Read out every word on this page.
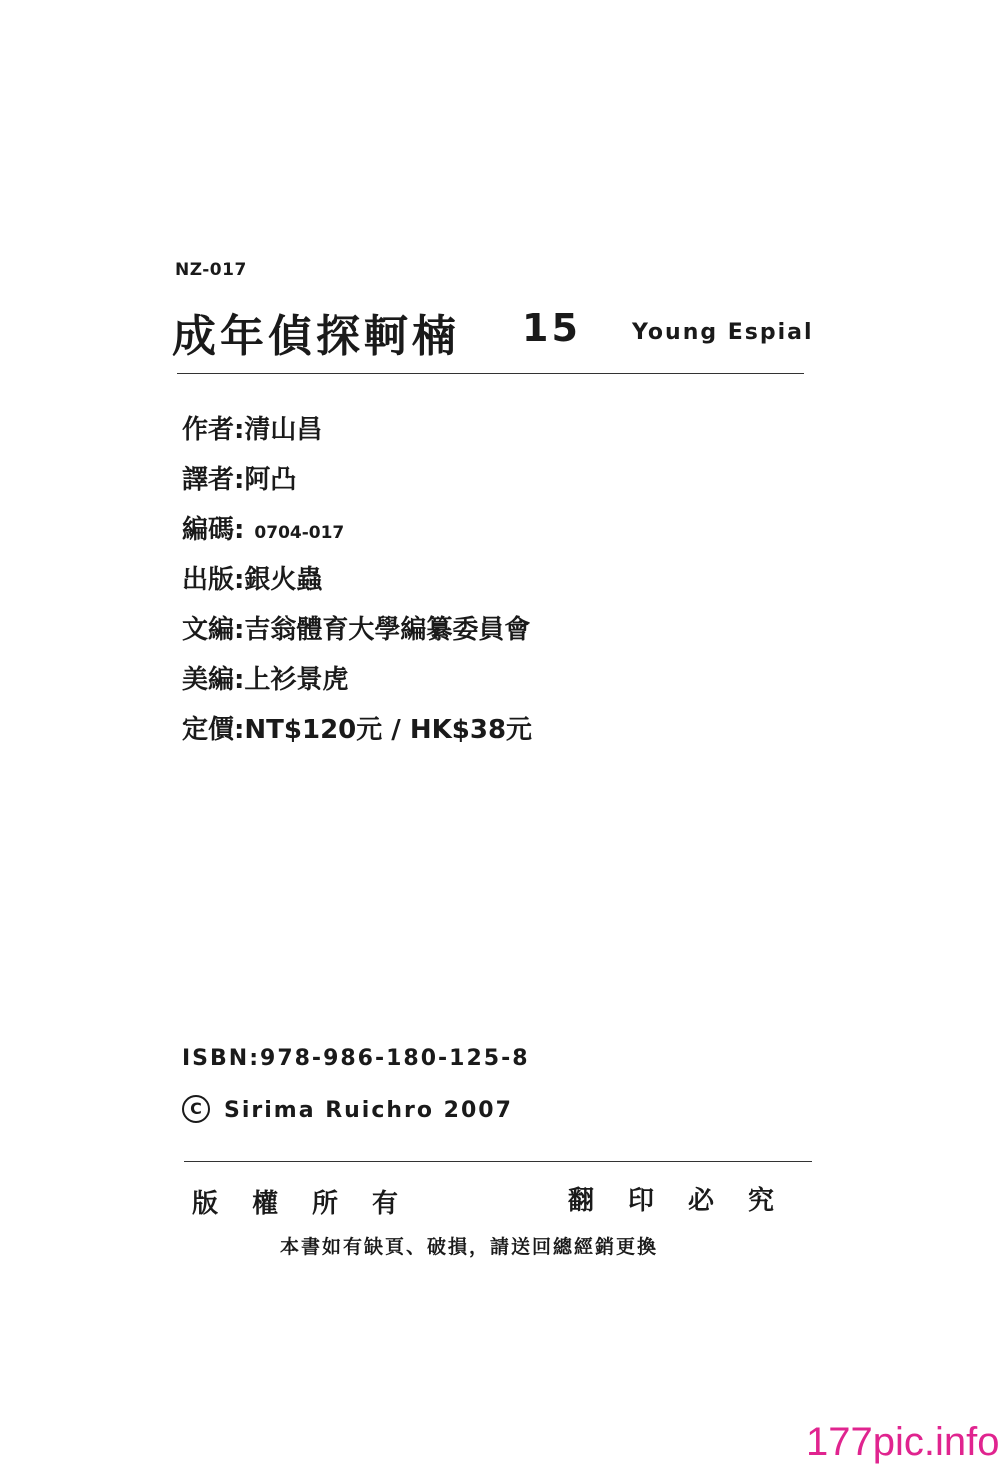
NZ-017
成年偵探軻楠 15 Young Espial
作者:清山昌
譯者:阿凸
編碼: 0704-017
出版:銀火蟲
文編:吉翁體育大學編纂委員會
美編:上衫景虎
定價:NT$120元 / HK$38元
ISBN:978-986-180-125-8
C Sirima Ruichro 2007
版權所有	翻印必究
本書如有缺頁、破損，請送回總經銷更換
177pic.info
